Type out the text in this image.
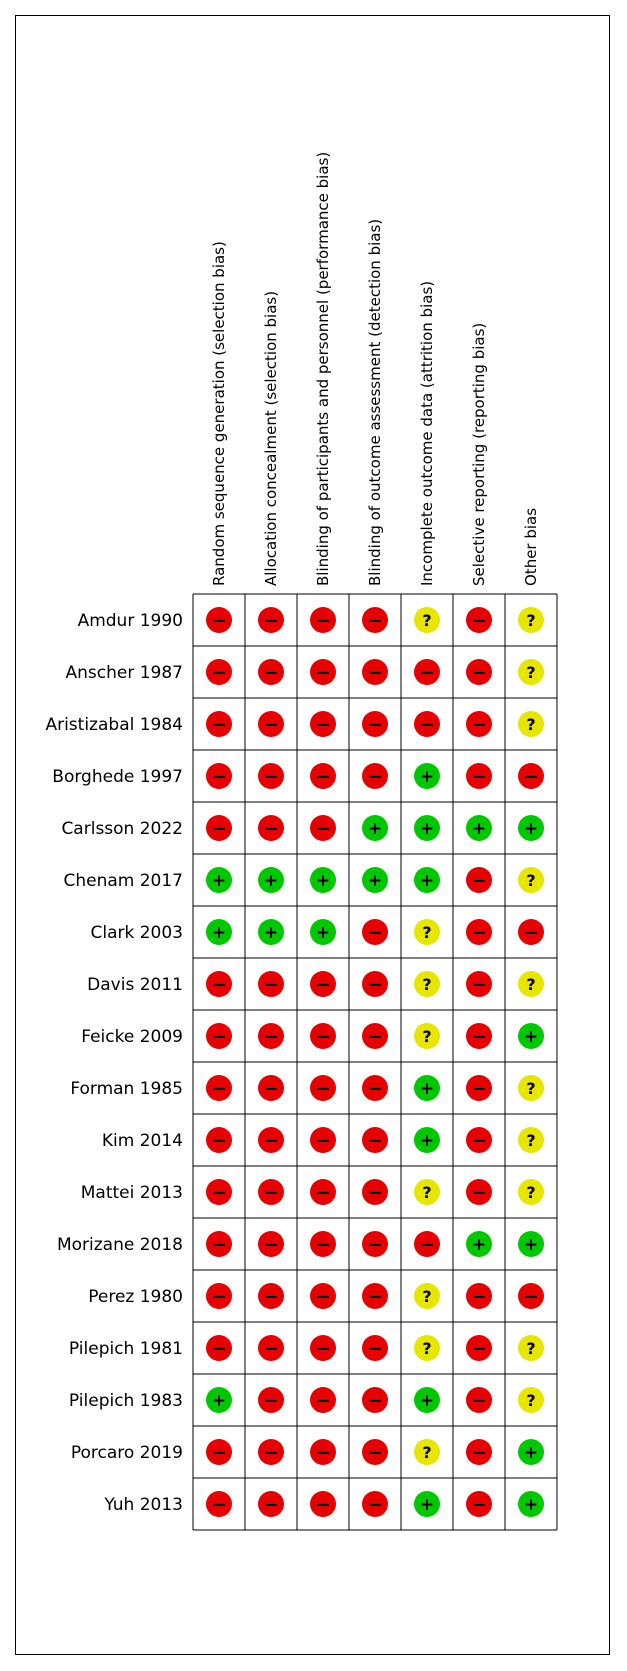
Random sequence generation (selection bias) Allocation concealment (selection bias) Blinding of participants and personnel (performance bias) Blinding of outcome assessment (detection bias) Incomplete outcome data (attrition bias) Selective reporting (reporting bias) Other bias
Amdur 1990 − − − − ? − ?
Anscher 1987 − − − − − − ?
Aristizabal 1984 − − − − − − ?
Borghede 1997 − − − − + − −
Carlsson 2022 − − − + + + +
Chenam 2017 + + + + + − ?
Clark 2003 + + + − ? − −
Davis 2011 − − − − ? − ?
Feicke 2009 − − − − ? − +
Forman 1985 − − − − + − ?
Kim 2014 − − − − + − ?
Mattei 2013 − − − − ? − ?
Morizane 2018 − − − − − + +
Perez 1980 − − − − ? − −
Pilepich 1981 − − − − ? − ?
Pilepich 1983 + − − − + − ?
Porcaro 2019 − − − − ? − +
Yuh 2013 − − − − + − +
